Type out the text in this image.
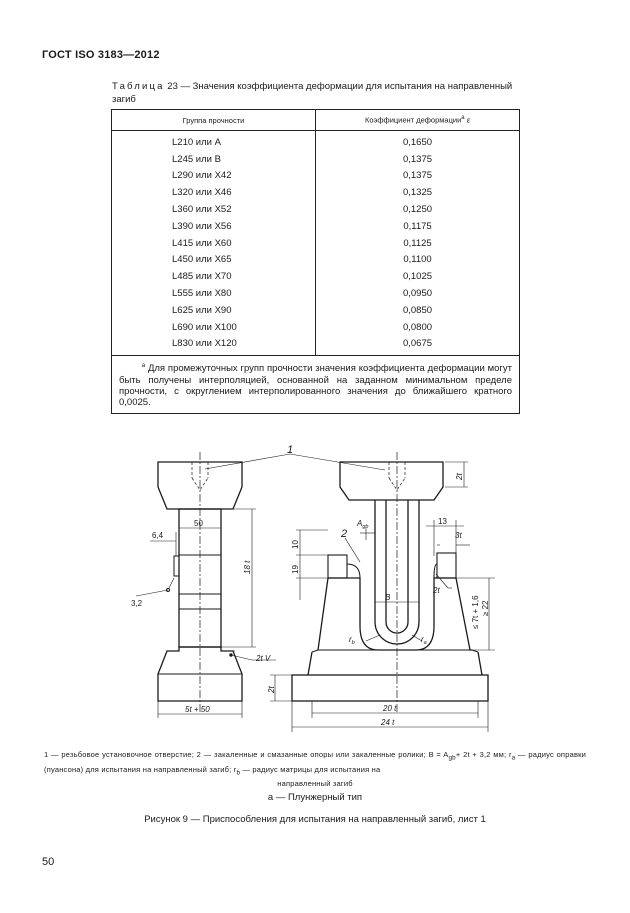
ГОСТ ISO 3183—2012
Таблица 23 — Значения коэффициента деформации для испытания на направленный загиб
Группа прочности	Коэффициент деформации$^a$ ε
L210 или A	0,1650
L245 или B	0,1375
L290 или X42	0,1375
L320 или X46	0,1325
L360 или X52	0,1250
L390 или X56	0,1175
L415 или X60	0,1125
L450 или X65	0,1100
L485 или X70	0,1025
L555 или X80	0,0950
L625 или X90	0,0850
L690 или X100	0,0800
L830 или X120	0,0675
$^a$ Для промежуточных групп прочности значения коэффициента деформации могут быть получены интерполяцией, основанной на заданном минимальном пределе прочности, с округлением интерполированного значения до ближайшего кратного 0,0025.	
1
2
50
6,4
3,2
18 t
2t V
2t
5t + 50
2t
$A_{gb}$
13
3t
10
19
2t
B
$r_b$	$r_a$
≤ 7t + 1,6 ≥ 22
20 t
24 t
1 — резьбовое установочное отверстие; 2 — закаленные и смазанные опоры или закаленные ролики; $B = A_{gb}+ 2t + 3,2$ мм; $r_a$ — радиус оправки (пуансона) для испытания на направленный загиб; $r_b$ — радиус матрицы для испытания на
направленный загиб
а — Плунжерный тип
Рисунок 9 — Приспособления для испытания на направленный загиб, лист 1
50
